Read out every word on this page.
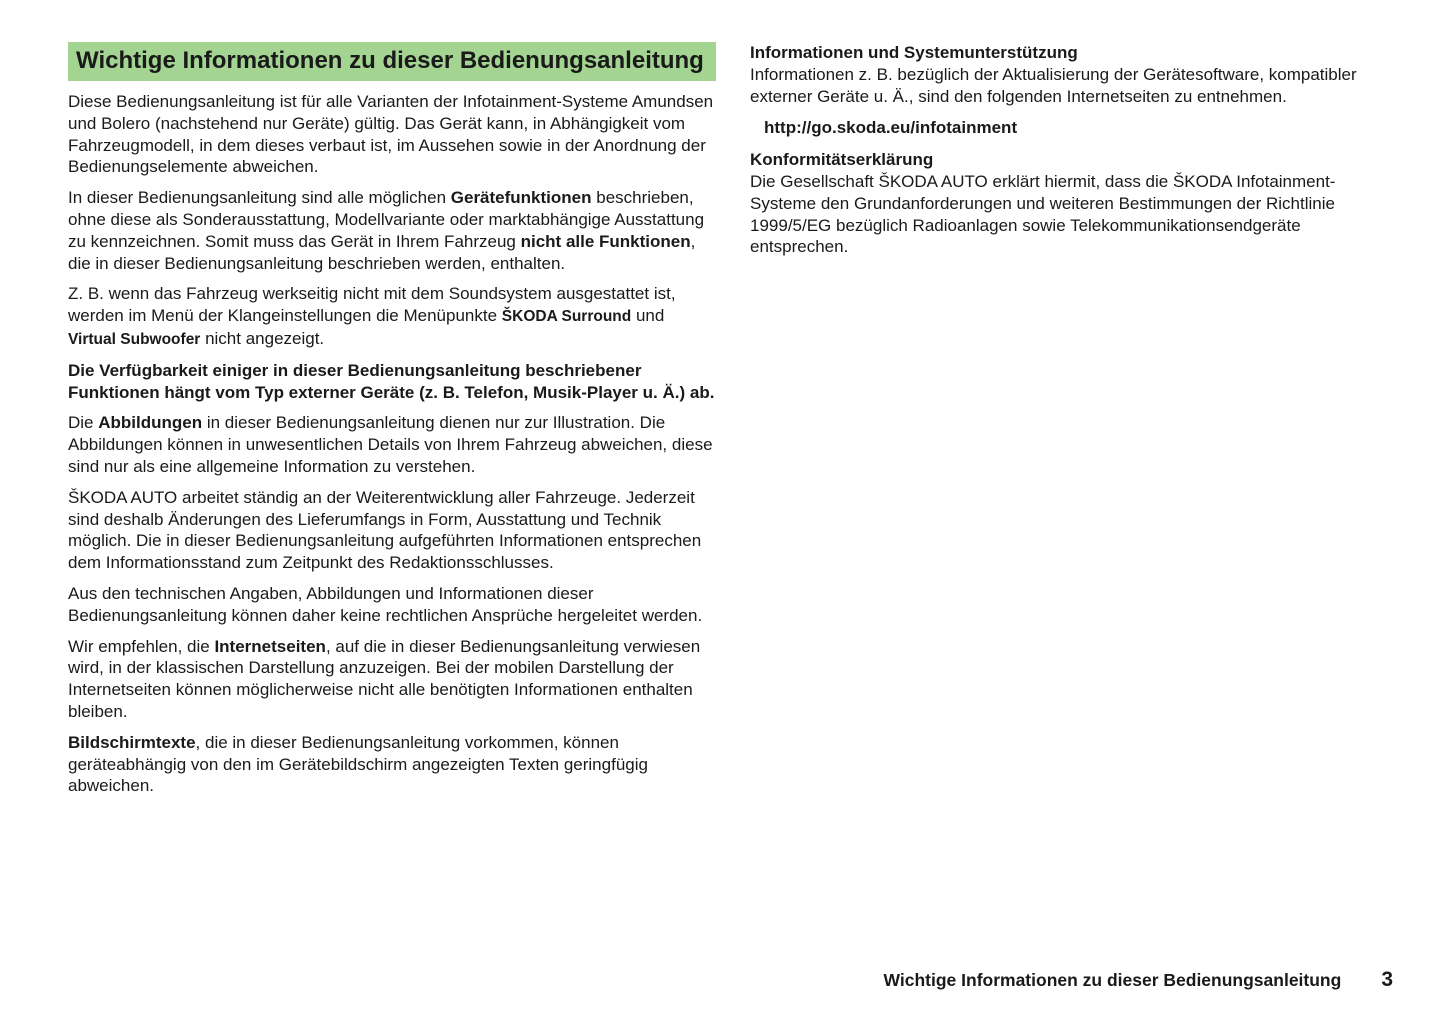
Wichtige Informationen zu dieser Bedienungsanleitung

Diese Bedienungsanleitung ist für alle Varianten der Infotainment-Systeme Amundsen und Bolero (nachstehend nur Geräte) gültig. Das Gerät kann, in Abhängigkeit vom Fahrzeugmodell, in dem dieses verbaut ist, im Aussehen sowie in der Anordnung der Bedienungselemente abweichen.

In dieser Bedienungsanleitung sind alle möglichen Gerätefunktionen beschrieben, ohne diese als Sonderausstattung, Modellvariante oder marktabhängige Ausstattung zu kennzeichnen. Somit muss das Gerät in Ihrem Fahrzeug nicht alle Funktionen, die in dieser Bedienungsanleitung beschrieben werden, enthalten.

Z. B. wenn das Fahrzeug werkseitig nicht mit dem Soundsystem ausgestattet ist, werden im Menü der Klangeinstellungen die Menüpunkte ŠKODA Surround und Virtual Subwoofer nicht angezeigt.

Die Verfügbarkeit einiger in dieser Bedienungsanleitung beschriebener Funktionen hängt vom Typ externer Geräte (z. B. Telefon, Musik-Player u. Ä.) ab.

Die Abbildungen in dieser Bedienungsanleitung dienen nur zur Illustration. Die Abbildungen können in unwesentlichen Details von Ihrem Fahrzeug abweichen, diese sind nur als eine allgemeine Information zu verstehen.

ŠKODA AUTO arbeitet ständig an der Weiterentwicklung aller Fahrzeuge. Jederzeit sind deshalb Änderungen des Lieferumfangs in Form, Ausstattung und Technik möglich. Die in dieser Bedienungsanleitung aufgeführten Informationen entsprechen dem Informationsstand zum Zeitpunkt des Redaktionsschlusses.

Aus den technischen Angaben, Abbildungen und Informationen dieser Bedienungsanleitung können daher keine rechtlichen Ansprüche hergeleitet werden.

Wir empfehlen, die Internetseiten, auf die in dieser Bedienungsanleitung verwiesen wird, in der klassischen Darstellung anzuzeigen. Bei der mobilen Darstellung der Internetseiten können möglicherweise nicht alle benötigten Informationen enthalten bleiben.

Bildschirmtexte, die in dieser Bedienungsanleitung vorkommen, können geräteabhängig von den im Gerätebildschirm angezeigten Texten geringfügig abweichen.

Informationen und Systemunterstützung

Informationen z. B. bezüglich der Aktualisierung der Gerätesoftware, kompatibler externer Geräte u. Ä., sind den folgenden Internetseiten zu entnehmen.

http://go.skoda.eu/infotainment

Konformitätserklärung

Die Gesellschaft ŠKODA AUTO erklärt hiermit, dass die ŠKODA Infotainment-Systeme den Grundanforderungen und weiteren Bestimmungen der Richtlinie 1999/5/EG bezüglich Radioanlagen sowie Telekommunikationsendgeräte entsprechen.

Wichtige Informationen zu dieser Bedienungsanleitung 3
